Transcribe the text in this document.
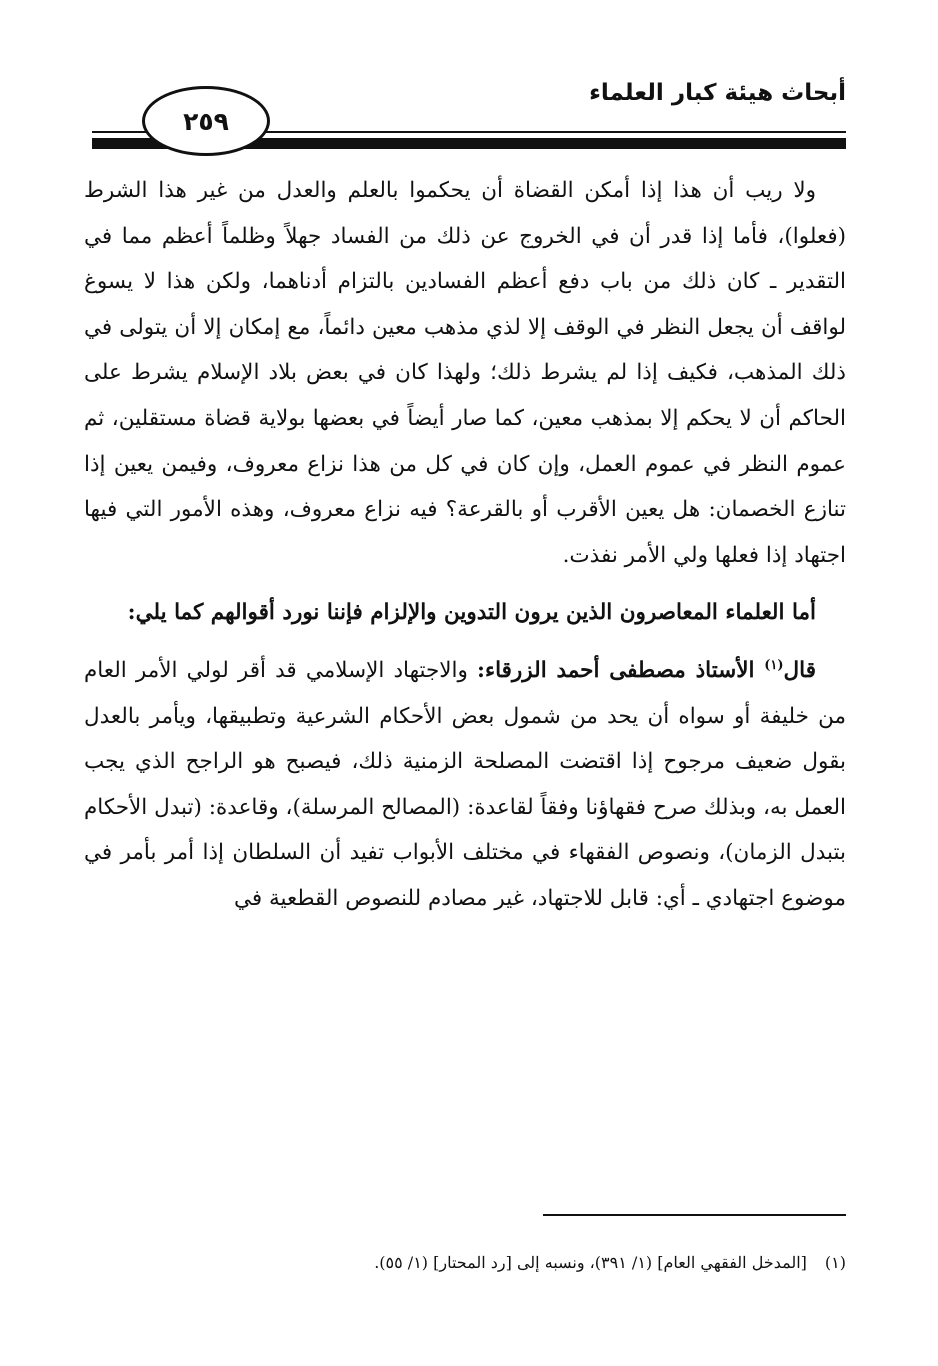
أبحاث هيئة كبار العلماء
٢٥٩

ولا ريب أن هذا إذا أمكن القضاة أن يحكموا بالعلم والعدل من غير هذا الشرط (فعلوا)، فأما إذا قدر أن في الخروج عن ذلك من الفساد جهلاً وظلماً أعظم مما في التقدير ـ كان ذلك من باب دفع أعظم الفسادين بالتزام أدناهما، ولكن هذا لا يسوغ لواقف أن يجعل النظر في الوقف إلا لذي مذهب معين دائماً، مع إمكان إلا أن يتولى في ذلك المذهب، فكيف إذا لم يشرط ذلك؛ ولهذا كان في بعض بلاد الإسلام يشرط على الحاكم أن لا يحكم إلا بمذهب معين، كما صار أيضاً في بعضها بولاية قضاة مستقلين، ثم عموم النظر في عموم العمل، وإن كان في كل من هذا نزاع معروف، وفيمن يعين إذا تنازع الخصمان: هل يعين الأقرب أو بالقرعة؟ فيه نزاع معروف، وهذه الأمور التي فيها اجتهاد إذا فعلها ولي الأمر نفذت.

أما العلماء المعاصرون الذين يرون التدوين والإلزام فإننا نورد أقوالهم كما يلي:

قال$^{(١)}$ الأستاذ مصطفى أحمد الزرقاء: والاجتهاد الإسلامي قد أقر لولي الأمر العام من خليفة أو سواه أن يحد من شمول بعض الأحكام الشرعية وتطبيقها، ويأمر بالعدل بقول ضعيف مرجوح إذا اقتضت المصلحة الزمنية ذلك، فيصبح هو الراجح الذي يجب العمل به، وبذلك صرح فقهاؤنا وفقاً لقاعدة: (المصالح المرسلة)، وقاعدة: (تبدل الأحكام بتبدل الزمان)، ونصوص الفقهاء في مختلف الأبواب تفيد أن السلطان إذا أمر بأمر في موضوع اجتهادي ـ أي: قابل للاجتهاد، غير مصادم للنصوص القطعية في

(١)[المدخل الفقهي العام] (١/ ٣٩١)، ونسبه إلى [رد المحتار] (١/ ٥٥).
